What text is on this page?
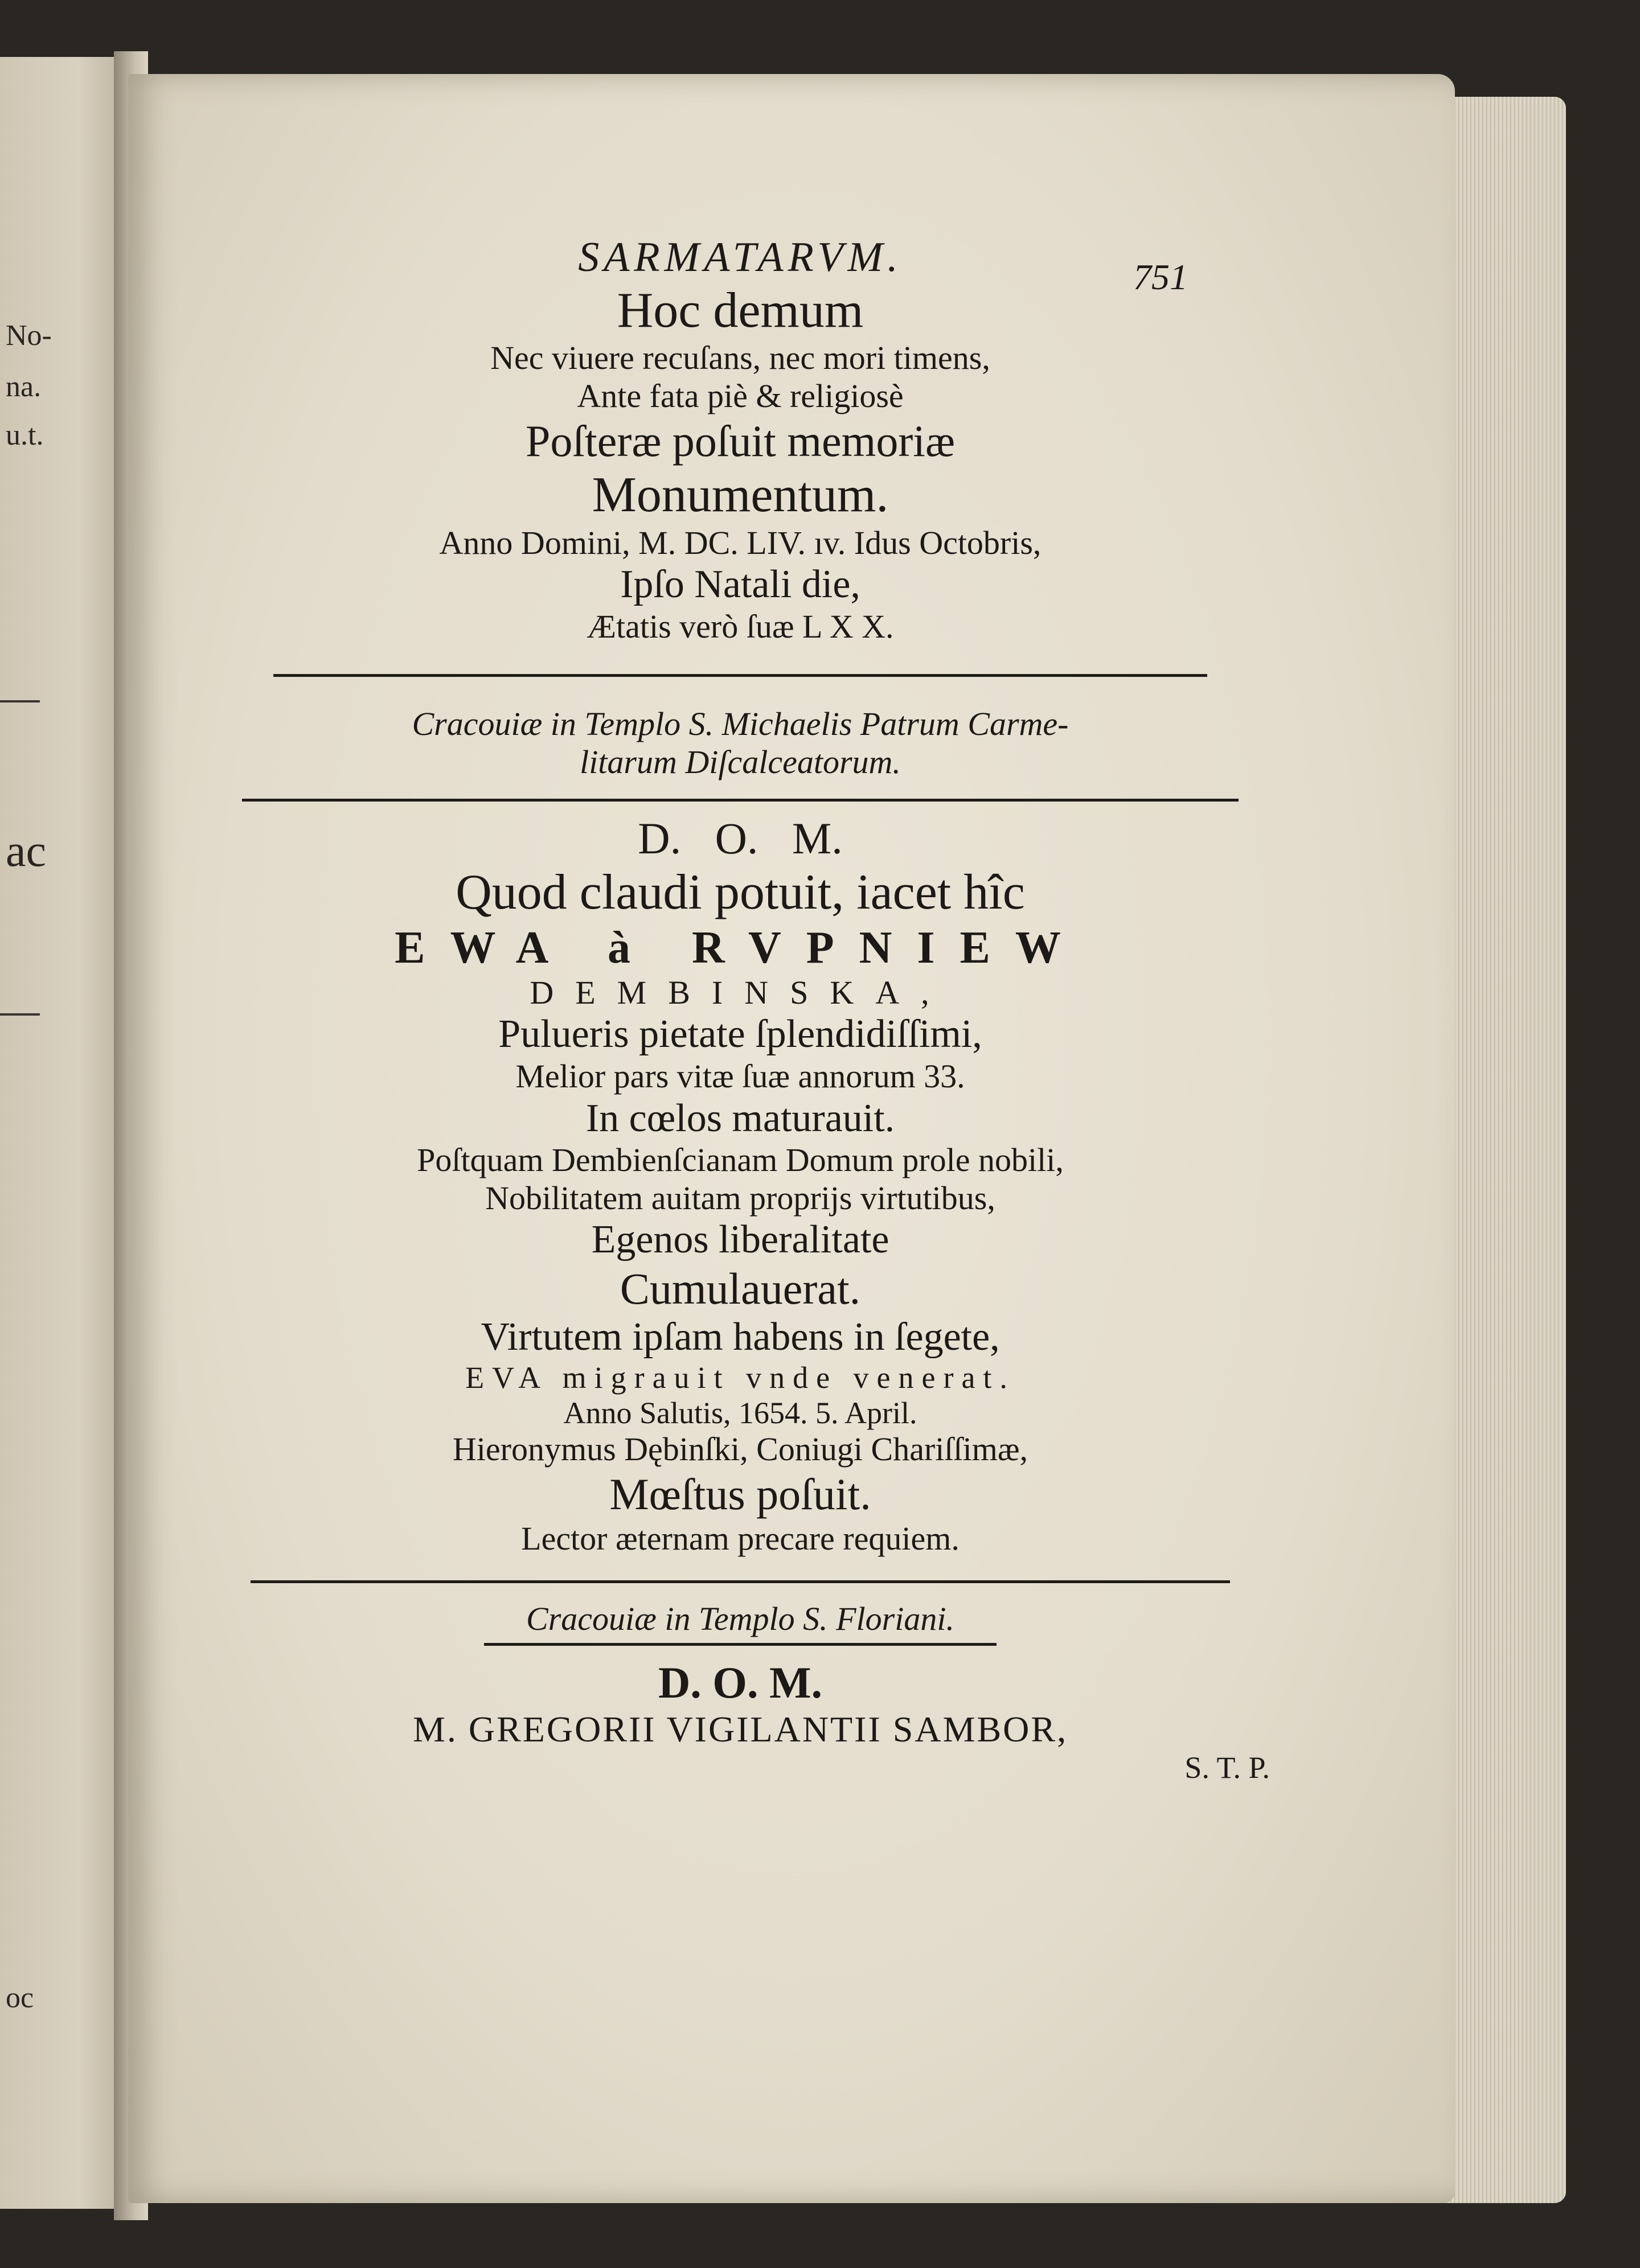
No-
na.
u.t.
ac
oc
751
SARMATARVM.
Hoc demum
Nec viuere recuſans, nec mori timens,
Ante fata piè & religiosè
Poſteræ poſuit memoriæ
Monumentum.
Anno Domini, M. DC. LIV. ıv. Idus Octobris,
Ipſo Natali die,
Ætatis verò ſuæ L X X.
Cracouiæ in Templo S. Michaelis Patrum Carme-
litarum Diſcalceatorum.
D. O. M.
Quod claudi potuit, iacet hîc
EWA à RVPNIEW
DEMBINSKA,
Pulueris pietate ſplendidiſſimi,
Melior pars vitæ ſuæ annorum 33.
In cœlos maturauit.
Poſtquam Dembienſcianam Domum prole nobili,
Nobilitatem auitam proprijs virtutibus,
Egenos liberalitate
Cumulauerat.
Virtutem ipſam habens in ſegete,
EVA migrauit vnde venerat.
Anno Salutis, 1654. 5. April.
Hieronymus Dębinſki, Coniugi Chariſſimæ,
Mœſtus poſuit.
Lector æternam precare requiem.
Cracouiæ in Templo S. Floriani.
D. O. M.
M. GREGORII VIGILANTII SAMBOR,
S. T. P.
